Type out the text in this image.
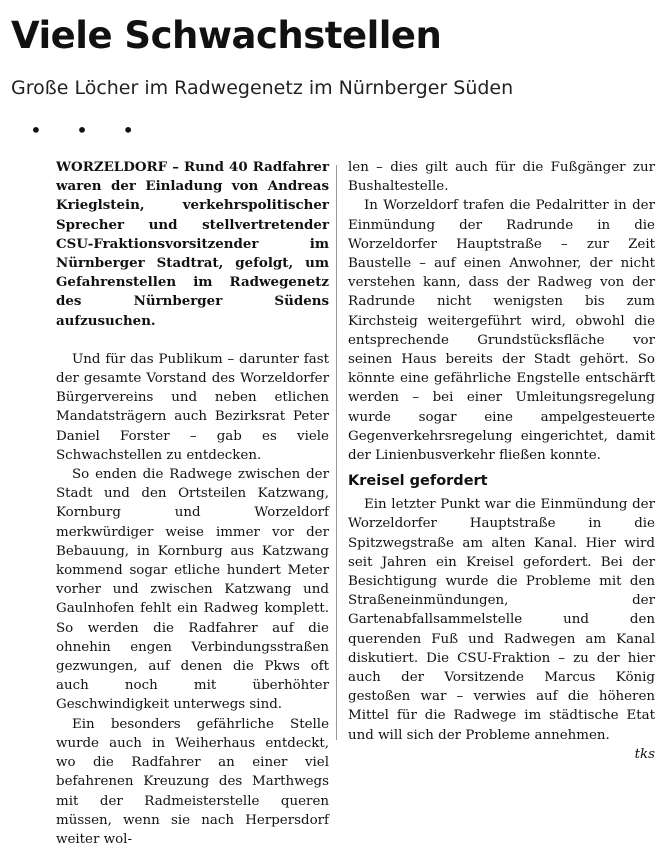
Viele Schwachstellen
Große Löcher im Radwegenetz im Nürnberger Süden
• • •

WORZELDORF – Rund 40 Radfahrer waren der Einladung von Andreas Krieglstein, verkehrspolitischer Sprecher und stellvertretender CSU-Fraktionsvorsitzender im Nürnberger Stadtrat, gefolgt, um Gefahrenstellen im Radwegenetz des Nürnberger Südens aufzusuchen.

Und für das Publikum – darunter fast der gesamte Vorstand des Worzeldorfer Bürgervereins und neben etlichen Mandatsträgern auch Bezirksrat Peter Daniel Forster – gab es viele Schwachstellen zu entdecken.

So enden die Radwege zwischen der Stadt und den Ortsteilen Katzwang, Kornburg und Worzeldorf merkwürdiger weise immer vor der Bebauung, in Kornburg aus Katzwang kommend sogar etliche hundert Meter vorher und zwischen Katzwang und Gaulnhofen fehlt ein Radweg komplett. So werden die Radfahrer auf die ohnehin engen Verbindungsstraßen gezwungen, auf denen die Pkws oft auch noch mit überhöhter Geschwindigkeit unterwegs sind.

Ein besonders gefährliche Stelle wurde auch in Weiherhaus entdeckt, wo die Radfahrer an einer viel befahrenen Kreuzung des Marthwegs mit der Radmeisterstelle queren müssen, wenn sie nach Herpersdorf weiter wol-

len – dies gilt auch für die Fußgänger zur Bushaltestelle.

In Worzeldorf trafen die Pedalritter in der Einmündung der Radrunde in die Worzeldorfer Hauptstraße – zur Zeit Baustelle – auf einen Anwohner, der nicht verstehen kann, dass der Radweg von der Radrunde nicht wenigsten bis zum Kirchsteig weitergeführt wird, obwohl die entsprechende Grundstücksfläche vor seinen Haus bereits der Stadt gehört. So könnte eine gefährliche Engstelle entschärft werden – bei einer Umleitungsregelung wurde sogar eine ampelgesteuerte Gegenverkehrsregelung eingerichtet, damit der Linienbusverkehr fließen konnte.

Kreisel gefordert

Ein letzter Punkt war die Einmündung der Worzeldorfer Hauptstraße in die Spitzwegstraße am alten Kanal. Hier wird seit Jahren ein Kreisel gefordert. Bei der Besichtigung wurde die Probleme mit den Straßeneinmündungen, der Gartenabfallsammelstelle und den querenden Fuß und Radwegen am Kanal diskutiert. Die CSU-Fraktion – zu der hier auch der Vorsitzende Marcus König gestoßen war – verwies auf die höheren Mittel für die Radwege im städtische Etat und will sich der Probleme annehmen.
tks
